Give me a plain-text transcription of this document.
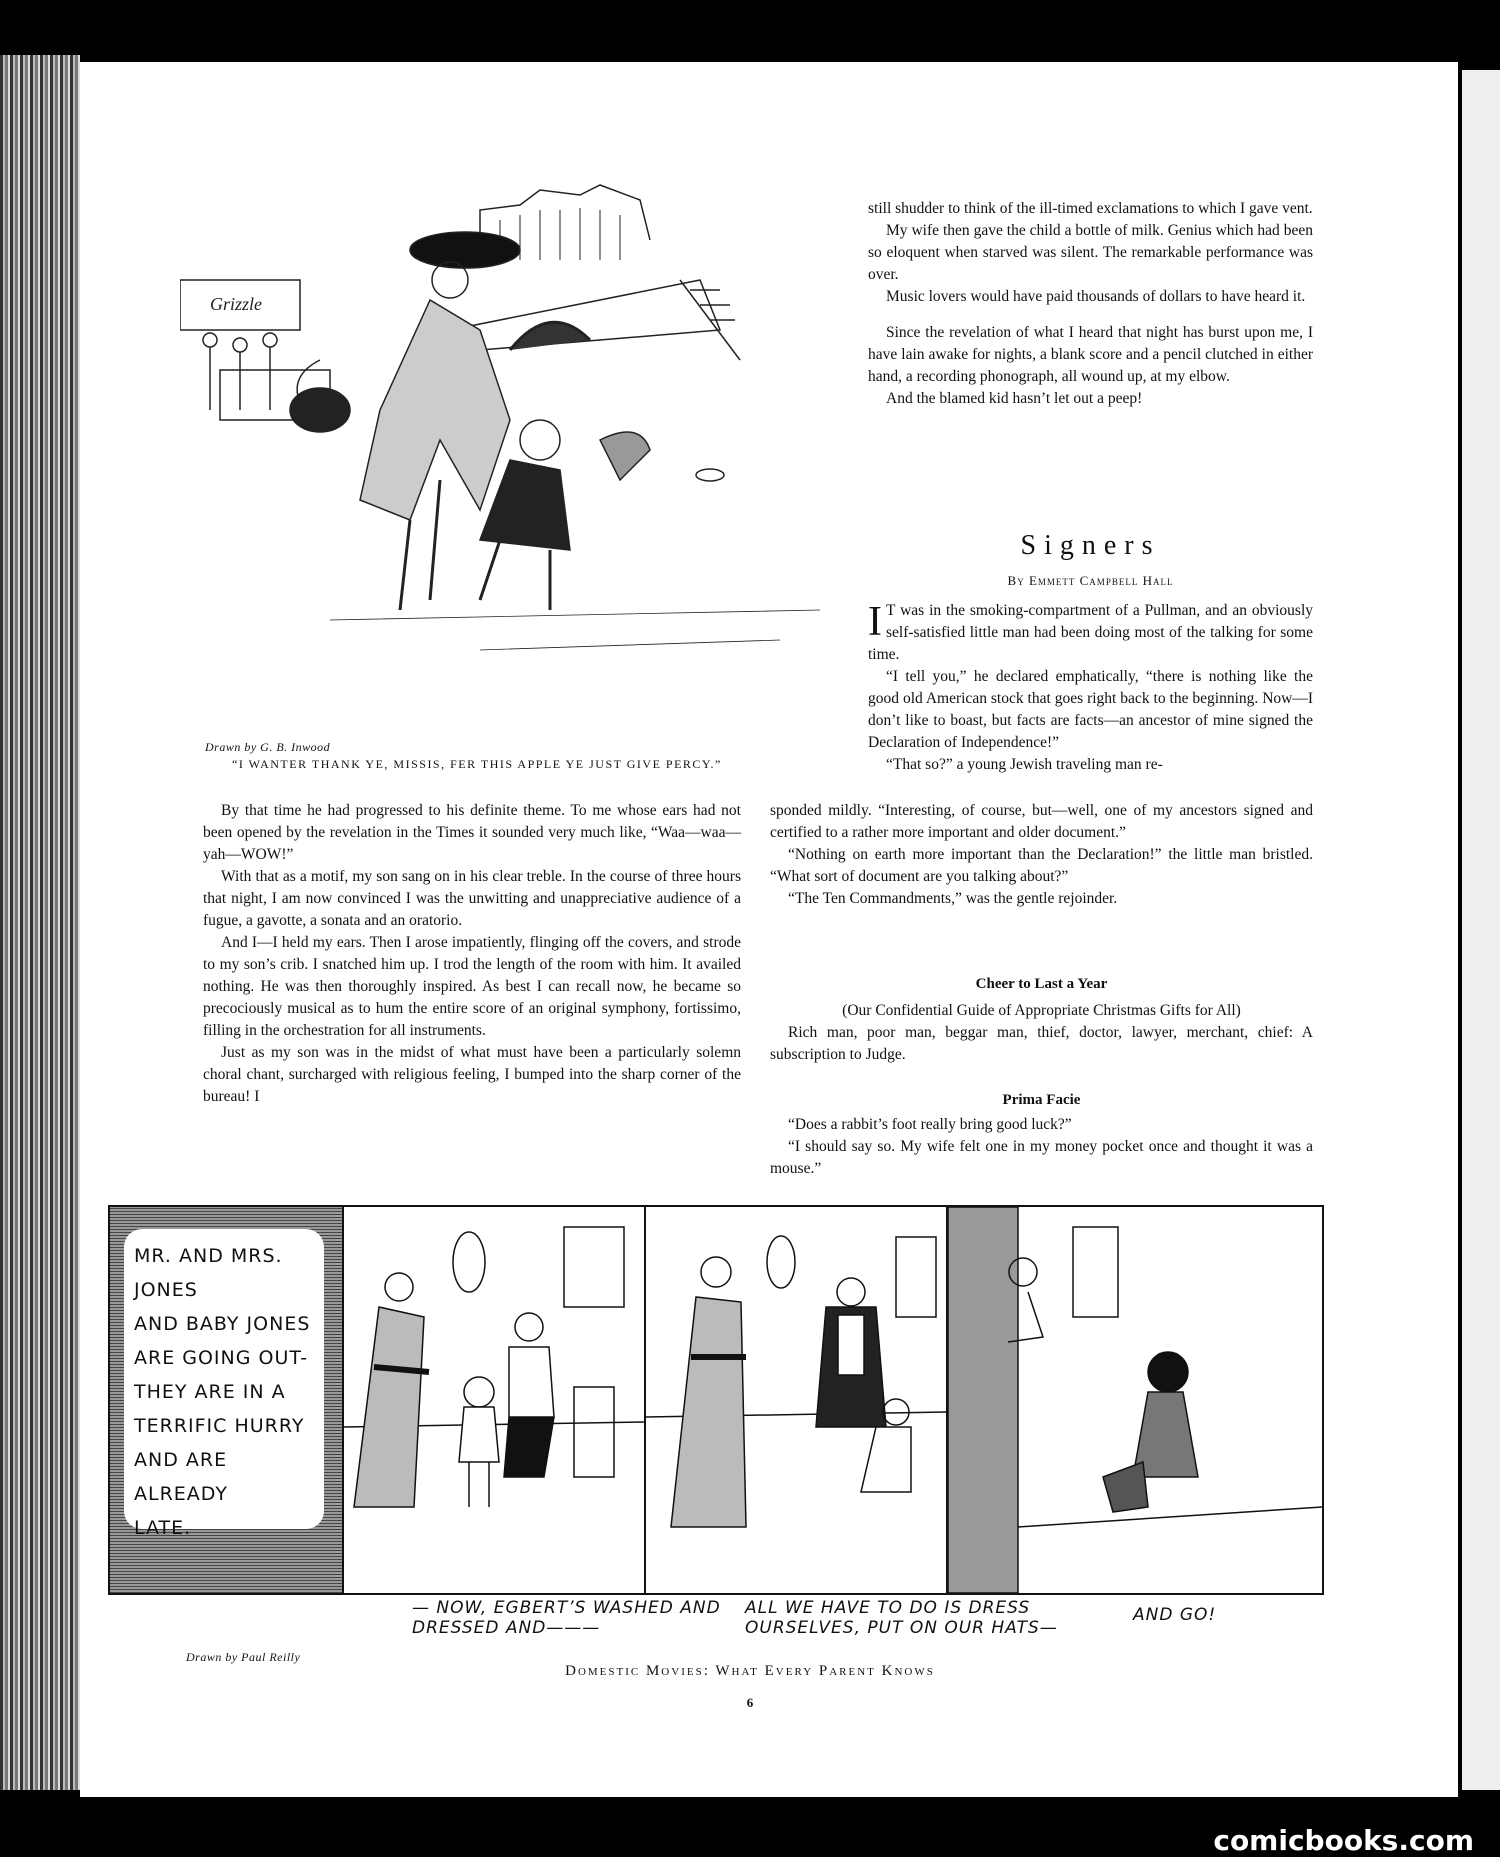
Grizzle
Drawn by G. B. Inwood
“I WANTER THANK YE, MISSIS, FER THIS APPLE YE JUST GIVE PERCY.”

still shudder to think of the ill-timed exclamations to which I gave vent.

My wife then gave the child a bottle of milk. Genius which had been so eloquent when starved was silent. The remarkable performance was over.

Music lovers would have paid thousands of dollars to have heard it.

Since the revelation of what I heard that night has burst upon me, I have lain awake for nights, a blank score and a pencil clutched in either hand, a recording phonograph, all wound up, at my elbow.

And the blamed kid hasn’t let out a peep!

Signers
By Emmett Campbell Hall

I T was in the smoking-compartment of a Pullman, and an obviously self-satisfied little man had been doing most of the talking for some time.

“I tell you,” he declared emphatically, “there is nothing like the good old American stock that goes right back to the beginning. Now—I don’t like to boast, but facts are facts—an ancestor of mine signed the Declaration of Independence!”

“That so?” a young Jewish traveling man re-

By that time he had progressed to his definite theme. To me whose ears had not been opened by the revelation in the Times it sounded very much like, “Waa—waa—yah—WOW!”

With that as a motif, my son sang on in his clear treble. In the course of three hours that night, I am now convinced I was the unwitting and unappreciative audience of a fugue, a gavotte, a sonata and an oratorio.

And I—I held my ears. Then I arose impatiently, flinging off the covers, and strode to my son’s crib. I snatched him up. I trod the length of the room with him. It availed nothing. He was then thoroughly inspired. As best I can recall now, he became so precociously musical as to hum the entire score of an original symphony, fortissimo, filling in the orchestration for all instruments.

Just as my son was in the midst of what must have been a particularly solemn choral chant, surcharged with religious feeling, I bumped into the sharp corner of the bureau! I

sponded mildly. “Interesting, of course, but—well, one of my ancestors signed and certified to a rather more important and older document.”

“Nothing on earth more important than the Declaration!” the little man bristled. “What sort of document are you talking about?”

“The Ten Commandments,” was the gentle rejoinder.

Cheer to Last a Year

(Our Confidential Guide of Appropriate Christmas Gifts for All)

Rich man, poor man, beggar man, thief, doctor, lawyer, merchant, chief: A subscription to Judge.

Prima Facie

“Does a rabbit’s foot really bring good luck?”

“I should say so. My wife felt one in my money pocket once and thought it was a mouse.”

MR. AND MRS. JONES
AND BABY JONES
ARE GOING OUT-
THEY ARE IN A
TERRIFIC HURRY
AND ARE ALREADY
LATE.
— NOW, EGBERT’S WASHED AND DRESSED AND———
ALL WE HAVE TO DO IS DRESS OURSELVES, PUT ON OUR HATS—
AND GO!
Drawn by Paul Reilly
Domestic Movies: What Every Parent Knows
6
comicbooks.com
